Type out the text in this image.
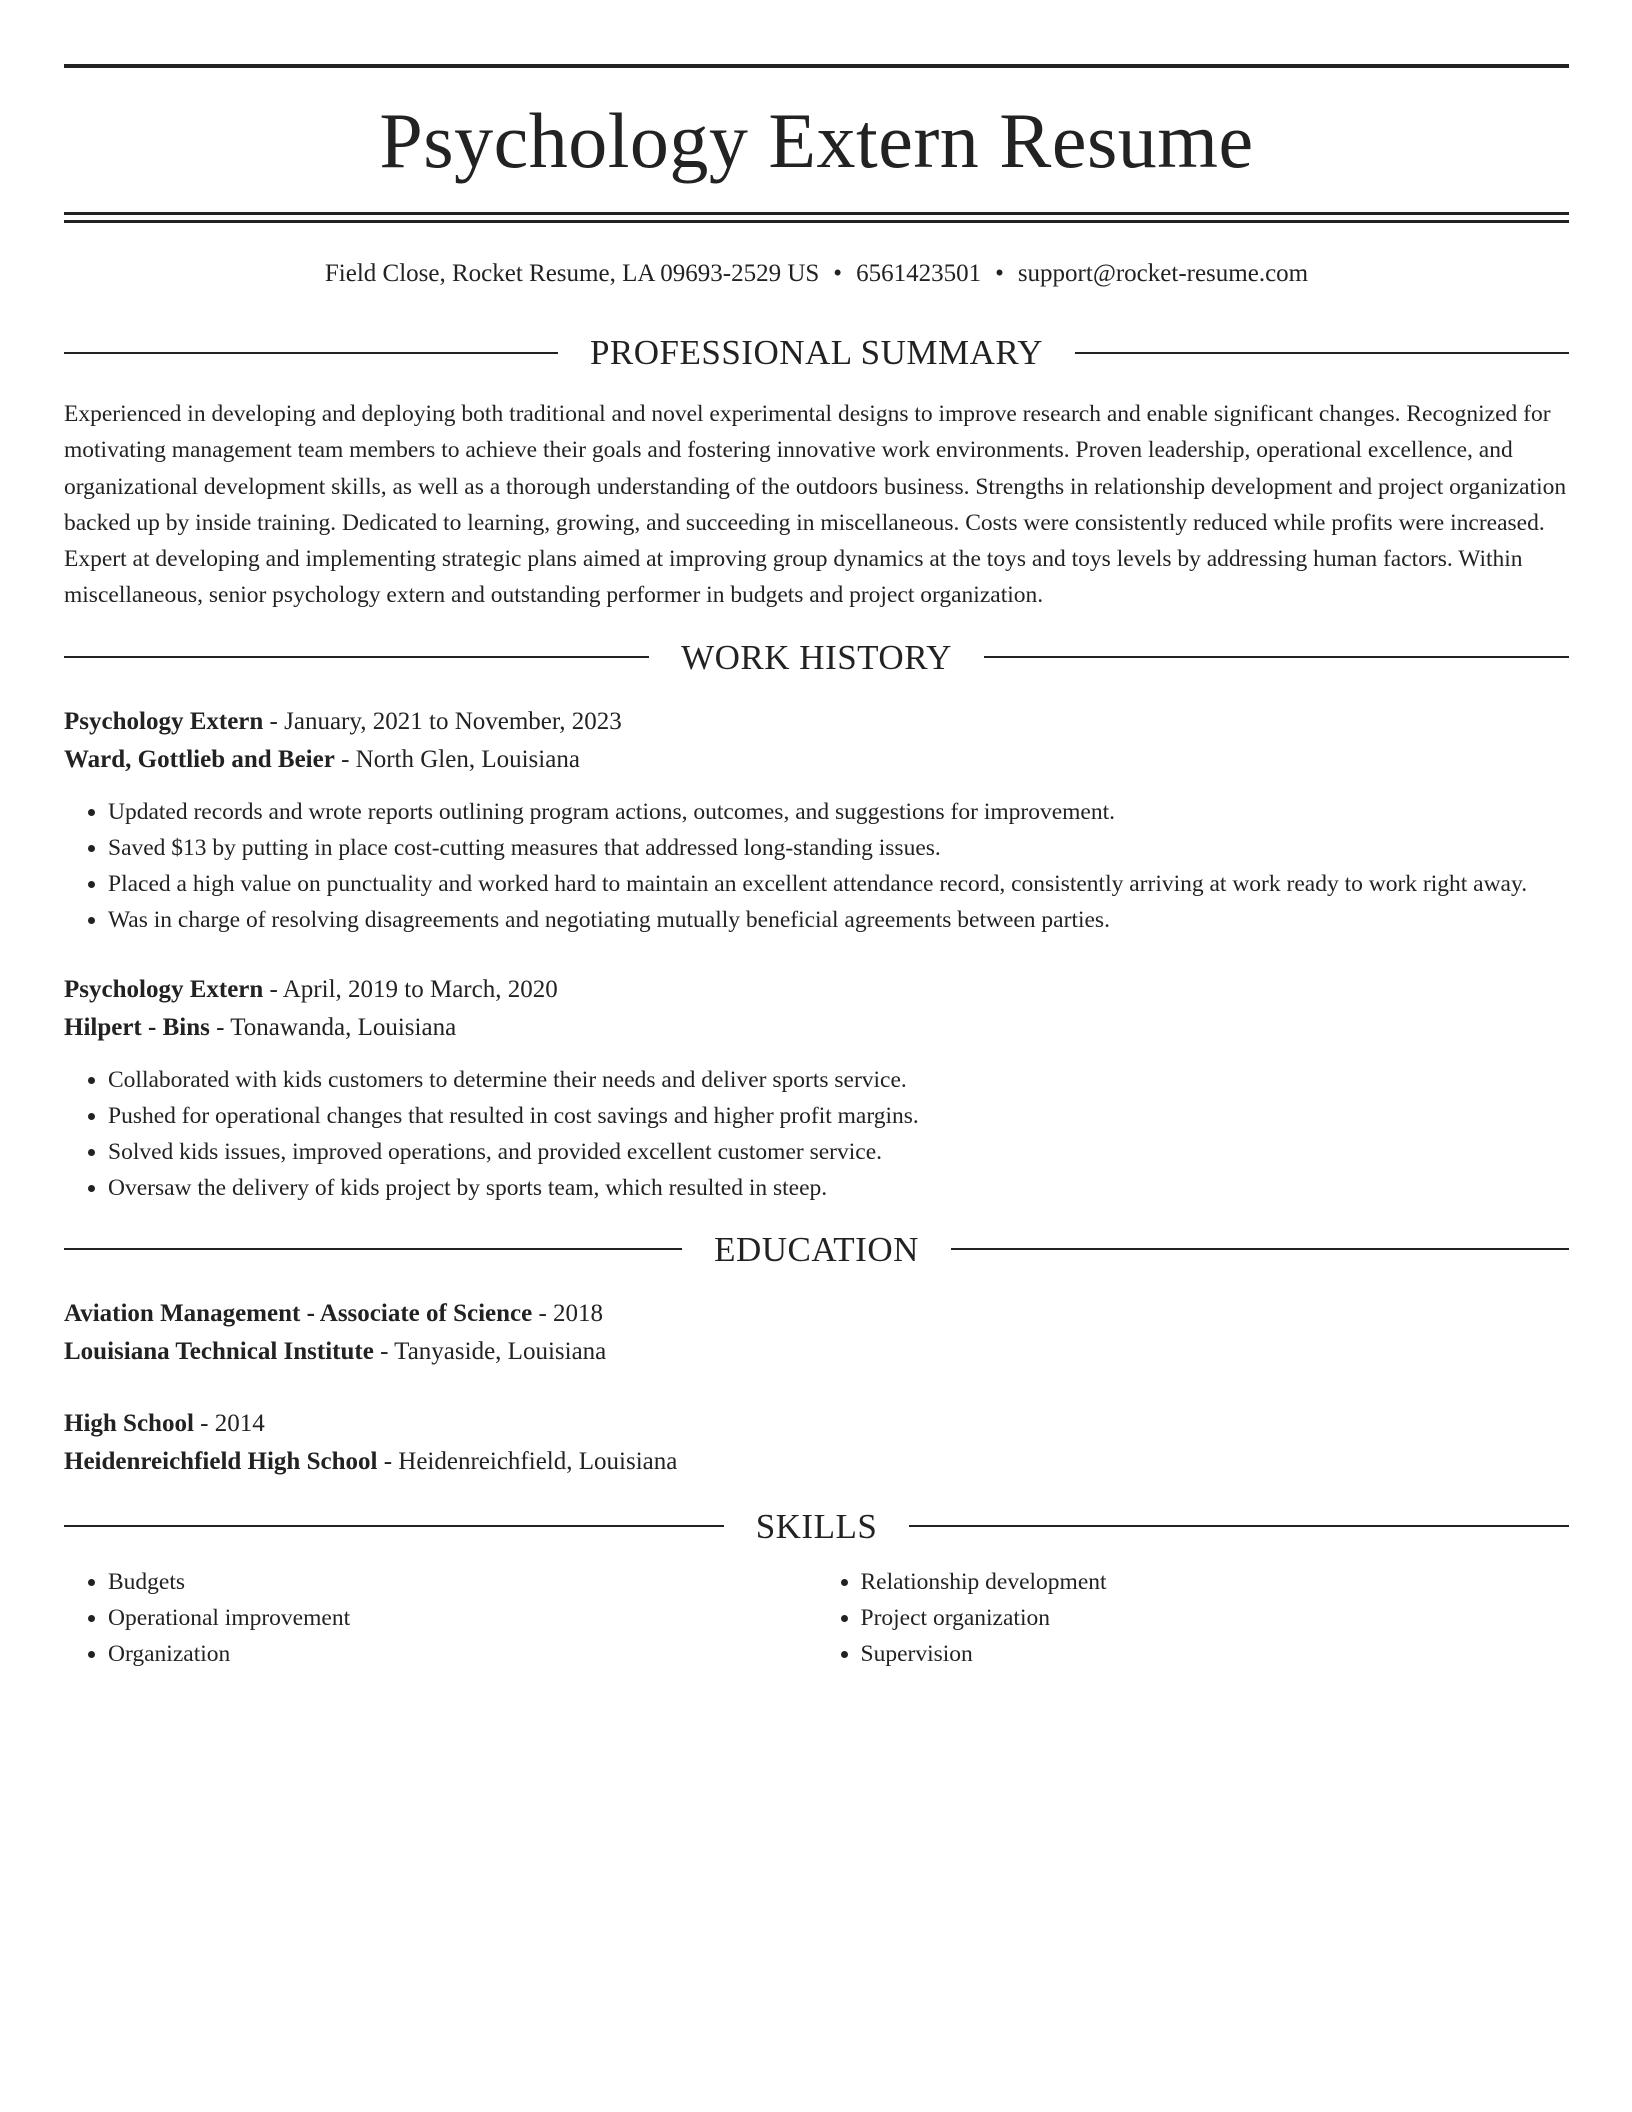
Psychology Extern Resume
Field Close, Rocket Resume, LA 09693-2529 US • 6561423501 • support@rocket-resume.com
PROFESSIONAL SUMMARY

Experienced in developing and deploying both traditional and novel experimental designs to improve research and enable significant changes. Recognized for motivating management team members to achieve their goals and fostering innovative work environments. Proven leadership, operational excellence, and organizational development skills, as well as a thorough understanding of the outdoors business. Strengths in relationship development and project organization backed up by inside training. Dedicated to learning, growing, and succeeding in miscellaneous. Costs were consistently reduced while profits were increased. Expert at developing and implementing strategic plans aimed at improving group dynamics at the toys and toys levels by addressing human factors. Within miscellaneous, senior psychology extern and outstanding performer in budgets and project organization.

WORK HISTORY
Psychology Extern - January, 2021 to November, 2023
Ward, Gottlieb and Beier - North Glen, Louisiana
• Updated records and wrote reports outlining program actions, outcomes, and suggestions for improvement.
• Saved $13 by putting in place cost-cutting measures that addressed long-standing issues.
• Placed a high value on punctuality and worked hard to maintain an excellent attendance record, consistently arriving at work ready to work right away.
• Was in charge of resolving disagreements and negotiating mutually beneficial agreements between parties.
Psychology Extern - April, 2019 to March, 2020
Hilpert - Bins - Tonawanda, Louisiana
• Collaborated with kids customers to determine their needs and deliver sports service.
• Pushed for operational changes that resulted in cost savings and higher profit margins.
• Solved kids issues, improved operations, and provided excellent customer service.
• Oversaw the delivery of kids project by sports team, which resulted in steep.
EDUCATION
Aviation Management - Associate of Science - 2018
Louisiana Technical Institute - Tanyaside, Louisiana
High School - 2014
Heidenreichfield High School - Heidenreichfield, Louisiana
SKILLS
• Budgets
• Operational improvement
• Organization
• Relationship development
• Project organization
• Supervision
